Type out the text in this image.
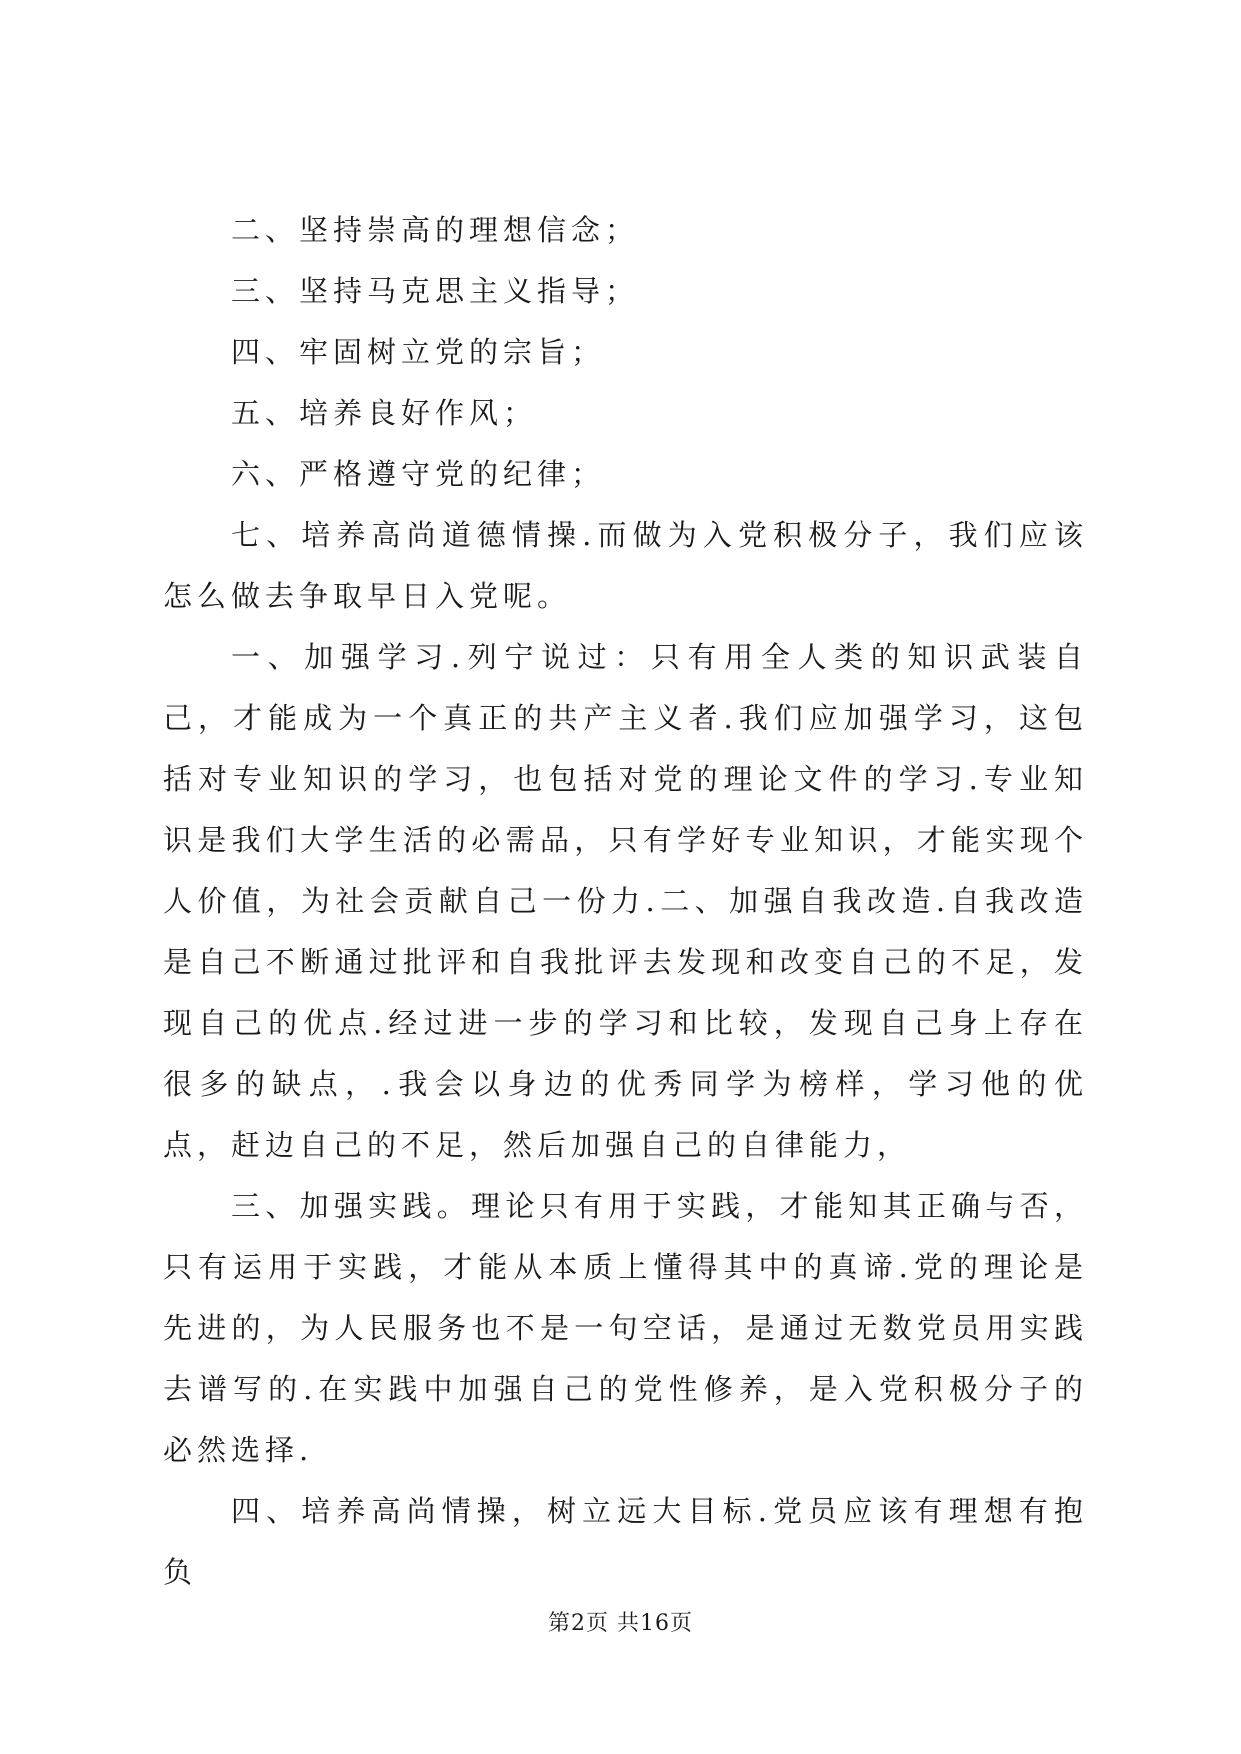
二、坚持崇高的理想信念；

三、坚持马克思主义指导；

四、牢固树立党的宗旨；

五、培养良好作风；

六、严格遵守党的纪律；

七、培养高尚道德情操.而做为入党积极分子，我们应该怎么做去争取早日入党呢。

一、加强学习.列宁说过：只有用全人类的知识武装自己，才能成为一个真正的共产主义者.我们应加强学习，这包括对专业知识的学习，也包括对党的理论文件的学习.专业知识是我们大学生活的必需品，只有学好专业知识，才能实现个人价值，为社会贡献自己一份力.二、加强自我改造.自我改造是自己不断通过批评和自我批评去发现和改变自己的不足，发现自己的优点.经过进一步的学习和比较，发现自己身上存在很多的缺点，.我会以身边的优秀同学为榜样，学习他的优点，赶边自己的不足，然后加强自己的自律能力，

三、加强实践。理论只有用于实践，才能知其正确与否，只有运用于实践，才能从本质上懂得其中的真谛.党的理论是先进的，为人民服务也不是一句空话，是通过无数党员用实践去谱写的.在实践中加强自己的党性修养，是入党积极分子的必然选择.

四、培养高尚情操，树立远大目标.党员应该有理想有抱负

第2页 共16页
